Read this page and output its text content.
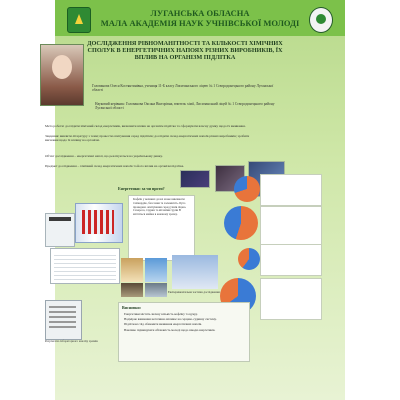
ЛУГАНСЬКА ОБЛАСНА
МАЛА АКАДЕМІЯ НАУК УЧНІВСЬКОЇ МОЛОДІ
ДОСЛІДЖЕННЯ РІВНОМАНІТНОСТІ ТА КІЛЬКОСТІ ХІМІЧНИХ СПОЛУК В ЕНЕРГЕТИЧНИХ НАПОЯХ РІЗНИХ ВИРОБНИКІВ, ЇХ ВПЛИВ НА ОРГАНІЗМ ПІДЛІТКА
Голованова Олеся Костянтинівна, учениця 11-Б класу Лисичанського ліцею № 1 Сєвєродонецького району Луганської області
Науковий керівник: Голованова Оксана Вікторівна, вчитель хімії, Лисичанський ліцей № 1 Сєвєродонецького району Луганської області
Мета роботи: дослідити хімічний склад енергетиків, визначити вплив на організм підлітка та сформувати власну думку щодо їх вживання.
Завдання: вивчити літературу з теми; провести опитування серед підлітків; дослідити склад енергетичних напоїв різних виробників; зробити висновки щодо їх впливу на організм.
Об'єкт дослідження – енергетичні напої, що реалізуються на українському ринку.
Предмет дослідження – хімічний склад енергетичних напоїв та його вплив на організм підлітка.
Енергетики: за чи проти?
Кофеїн у великих дозах може викликати тахікардію, безсоння та залежність. Було проведено опитування серед учнів ліцею. Сахароза, таурин та вітаміни групи B містяться майже в кожному зразку.
Експериментальна частина дослідження
Результати лабораторного аналізу зразків
Висновки:
Енергетики містять значну кількість кофеїну та цукру.
Надмірне вживання негативно впливає на серцево-судинну систему.
Підліткам слід обмежити вживання енергетичних напоїв.
Важливо підвищувати обізнаність молоді щодо шкоди енергетиків.
